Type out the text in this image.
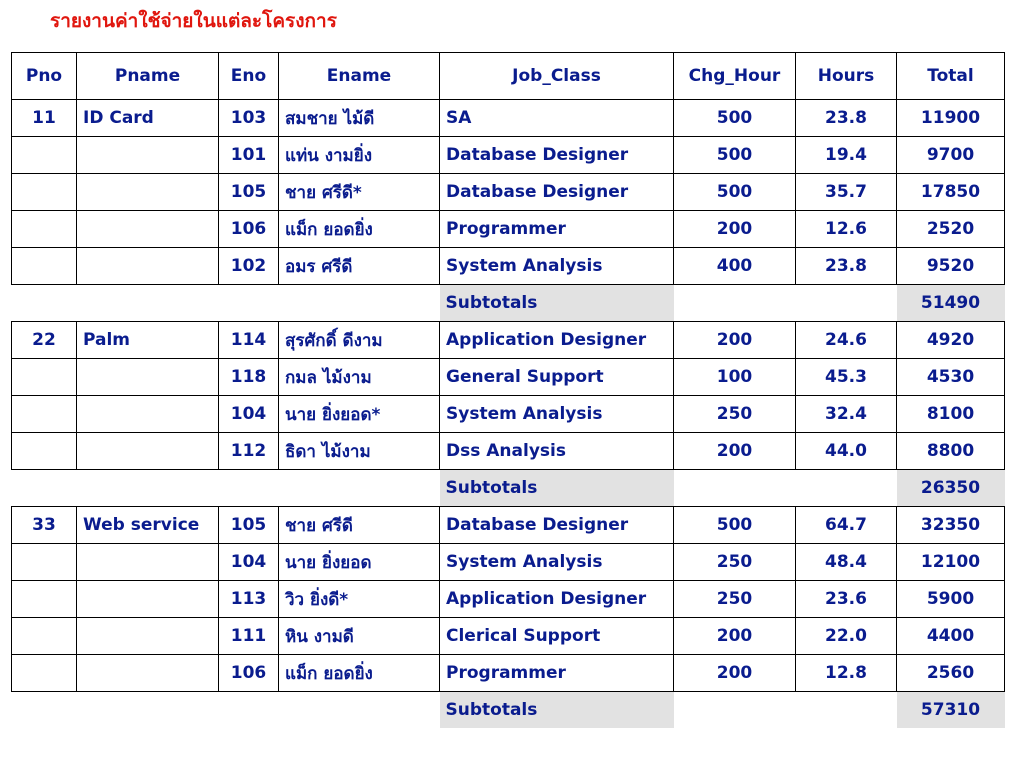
รายงานค่าใช้จ่ายในแต่ละโครงการ
Pno	Pname	Eno	Ename	Job_Class	Chg_Hour	Hours	Total
11	ID Card	103	สมชาย ไม้ดี	SA	500	23.8	11900
		101	แท่น งามยิ่ง	Database Designer	500	19.4	9700
		105	ชาย ศรีดี*	Database Designer	500	35.7	17850
		106	แม็ก ยอดยิ่ง	Programmer	200	12.6	2520
		102	อมร ศรีดี	System Analysis	400	23.8	9520
				Subtotals			51490
22	Palm	114	สุรศักดิ์ ดีงาม	Application Designer	200	24.6	4920
		118	กมล ไม้งาม	General Support	100	45.3	4530
		104	นาย ยิ่งยอด*	System Analysis	250	32.4	8100
		112	ธิดา ไม้งาม	Dss Analysis	200	44.0	8800
				Subtotals			26350
33	Web service	105	ชาย ศรีดี	Database Designer	500	64.7	32350
		104	นาย ยิ่งยอด	System Analysis	250	48.4	12100
		113	วิว ยิ่งดี*	Application Designer	250	23.6	5900
		111	หิน งามดี	Clerical Support	200	22.0	4400
		106	แม็ก ยอดยิ่ง	Programmer	200	12.8	2560
				Subtotals			57310
